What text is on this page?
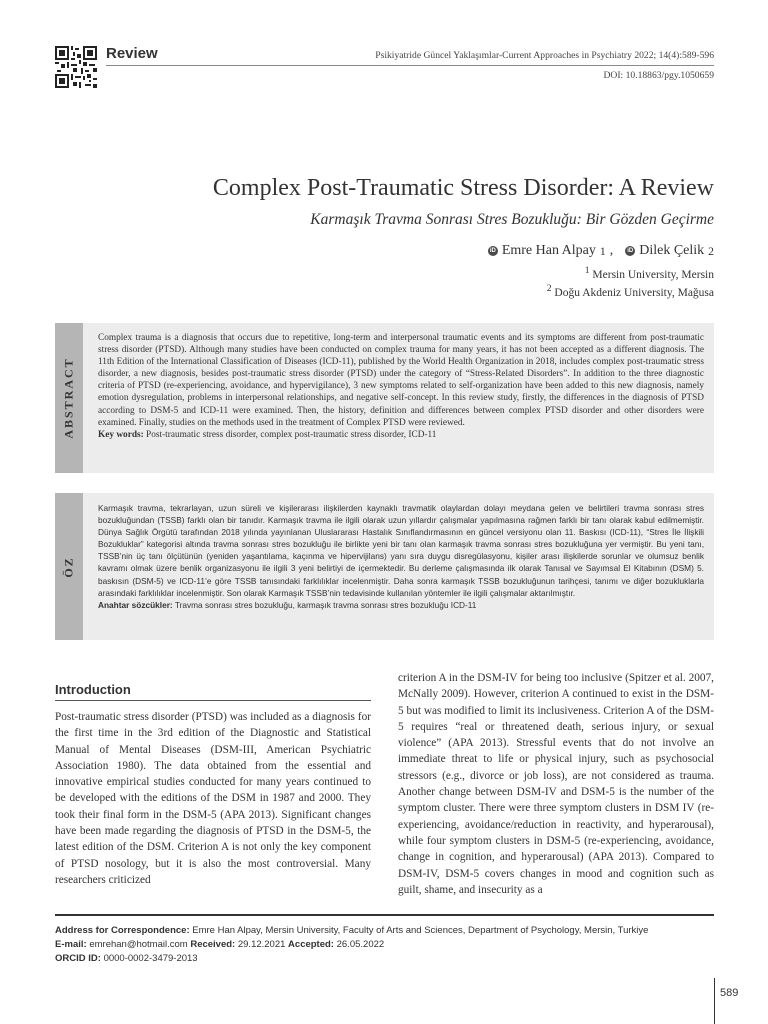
Review	Psikiyatride Güncel Yaklaşımlar-Current Approaches in Psychiatry 2022; 14(4):589-596
DOI: 10.18863/pgy.1050659
Complex Post-Traumatic Stress Disorder: A Review
Karmaşık Travma Sonrası Stres Bozukluğu: Bir Gözden Geçirme
iD Emre Han Alpay 1 ,	iD Dilek Çelik 2
$^1$ Mersin University, Mersin
$^2$ Doğu Akdeniz University, Mağusa
ABSTRACT
Complex trauma is a diagnosis that occurs due to repetitive, long-term and interpersonal traumatic events and its symptoms are different from post-traumatic stress disorder (PTSD). Although many studies have been conducted on complex trauma for many years, it has not been accepted as a different diagnosis. The 11th Edition of the International Classification of Diseases (ICD-11), published by the World Health Organization in 2018, includes complex post-traumatic stress disorder, a new diagnosis, besides post-traumatic stress disorder (PTSD) under the category of “Stress-Related Disorders”. In addition to the three diagnostic criteria of PTSD (re-experiencing, avoidance, and hypervigilance), 3 new symptoms related to self-organization have been added to this new diagnosis, namely emotion dysregulation, problems in interpersonal relationships, and negative self-concept. In this review study, firstly, the differences in the diagnosis of PTSD according to DSM-5 and ICD-11 were examined. Then, the history, definition and differences between complex PTSD disorder and other disorders were examined. Finally, studies on the methods used in the treatment of Complex PTSD were reviewed.
Key words: Post-traumatic stress disorder, complex post-traumatic stress disorder, ICD-11
ÖZ
Karmaşık travma, tekrarlayan, uzun süreli ve kişilerarası ilişkilerden kaynaklı travmatik olaylardan dolayı meydana gelen ve belirtileri travma sonrası stres bozukluğundan (TSSB) farklı olan bir tanıdır. Karmaşık travma ile ilgili olarak uzun yıllardır çalışmalar yapılmasına rağmen farklı bir tanı olarak kabul edilmemiştir. Dünya Sağlık Örgütü tarafından 2018 yılında yayınlanan Uluslararası Hastalık Sınıflandırmasının en güncel versiyonu olan 11. Baskısı (ICD-11), “Stres İle İlişkili Bozukluklar” kategorisi altında travma sonrası stres bozukluğu ile birlikte yeni bir tanı olan karmaşık travma sonrası stres bozukluğuna yer vermiştir. Bu yeni tanı, TSSB’nin üç tanı ölçütünün (yeniden yaşantılama, kaçınma ve hipervijilans) yanı sıra duygu disregülasyonu, kişiler arası ilişkilerde sorunlar ve olumsuz benlik kavramı olmak üzere benlik organizasyonu ile ilgili 3 yeni belirtiyi de içermektedir. Bu derleme çalışmasında ilk olarak Tanısal ve Sayımsal El Kitabının (DSM) 5. baskısın (DSM-5) ve ICD-11’e göre TSSB tanısındaki farklılıklar incelenmiştir. Daha sonra karmaşık TSSB bozukluğunun tarihçesi, tanımı ve diğer bozukluklarla arasındaki farklılıklar incelenmiştir. Son olarak Karmaşık TSSB’nin tedavisinde kullanılan yöntemler ile ilgili çalışmalar aktarılmıştır.
Anahtar sözcükler: Travma sonrası stres bozukluğu, karmaşık travma sonrası stres bozukluğu ICD-11
Introduction

Post-traumatic stress disorder (PTSD) was included as a diagnosis for the first time in the 3rd edition of the Diagnostic and Statistical Manual of Mental Diseases (DSM-III, American Psychiatric Association 1980). The data obtained from the essential and innovative empirical studies conducted for many years continued to be developed with the editions of the DSM in 1987 and 2000. They took their final form in the DSM-5 (APA 2013). Significant changes have been made regarding the diagnosis of PTSD in the DSM-5, the latest edition of the DSM. Criterion A is not only the key component of PTSD nosology, but it is also the most controversial. Many researchers criticized

criterion A in the DSM-IV for being too inclusive (Spitzer et al. 2007, McNally 2009). However, criterion A continued to exist in the DSM-5 but was modified to limit its inclusiveness. Criterion A of the DSM-5 requires “real or threatened death, serious injury, or sexual violence” (APA 2013). Stressful events that do not involve an immediate threat to life or physical injury, such as psychosocial stressors (e.g., divorce or job loss), are not considered as trauma. Another change between DSM-IV and DSM-5 is the number of the symptom cluster. There were three symptom clusters in DSM IV (re-experiencing, avoidance/reduction in reactivity, and hyperarousal), while four symptom clusters in DSM-5 (re-experiencing, avoidance, change in cognition, and hyperarousal) (APA 2013). Compared to DSM-IV, DSM-5 covers changes in mood and cognition such as guilt, shame, and insecurity as a

Address for Correspondence: Emre Han Alpay, Mersin University, Faculty of Arts and Sciences, Department of Psychology, Mersin, Turkiye
E-mail: emrehan@hotmail.com Received: 29.12.2021 Accepted: 26.05.2022
ORCID ID: 0000-0002-3479-2013
589
